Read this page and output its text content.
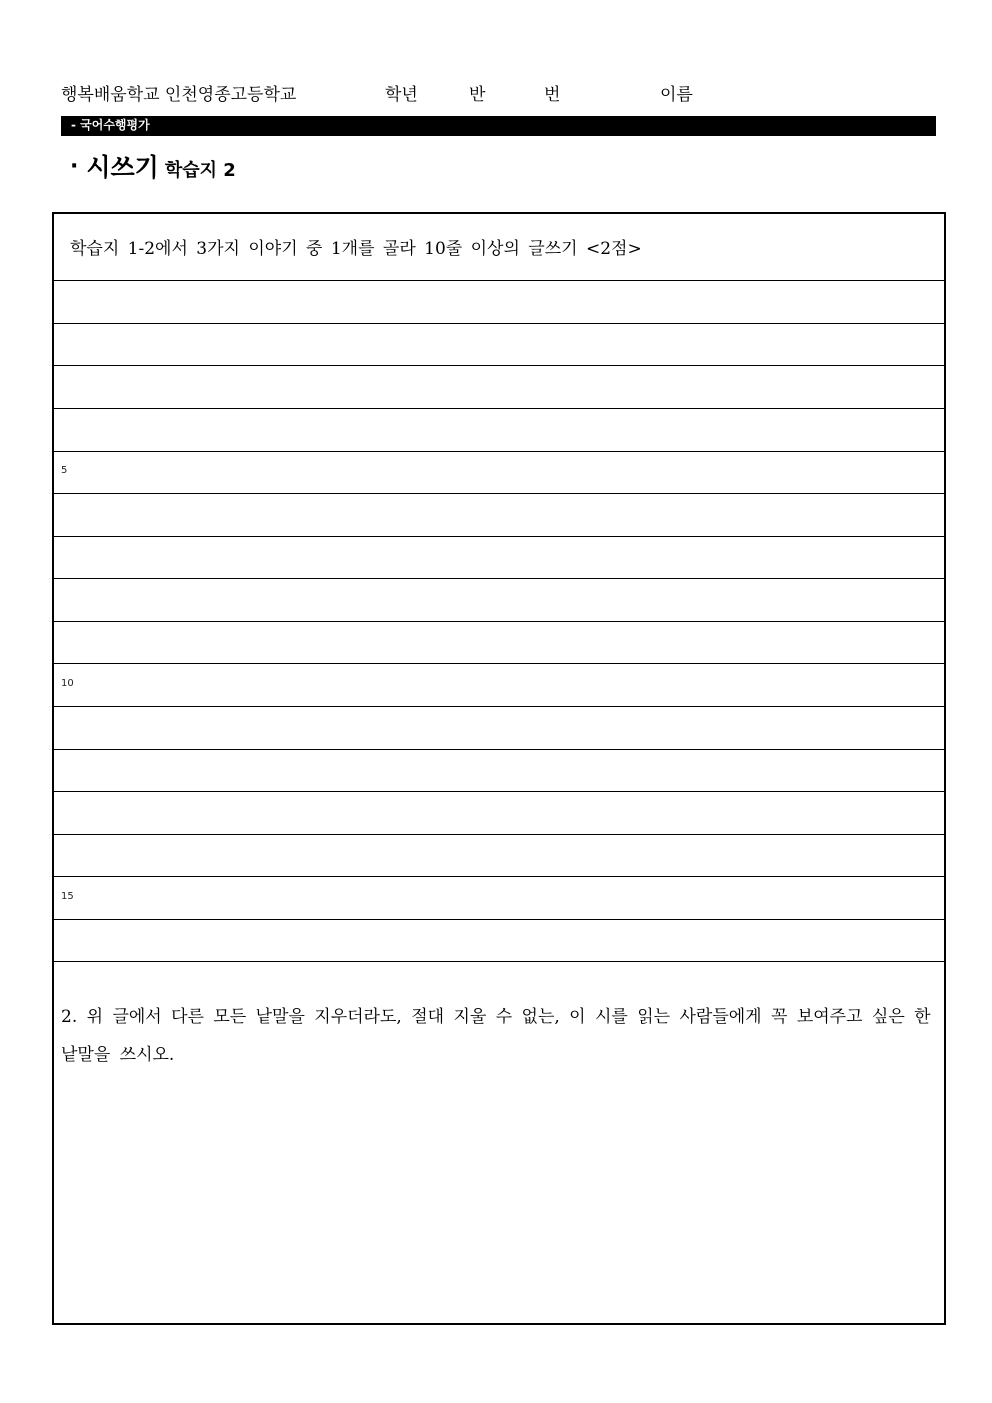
행복배움학교 인천영종고등학교	학년	반	번	이름
- 국어수행평가
· 시쓰기 학습지 2
학습지 1-2에서 3가지 이야기 중 1개를 골라 10줄 이상의 글쓰기 <2점>
5
10
15
2. 위 글에서 다른 모든 낱말을 지우더라도, 절대 지울 수 없는, 이 시를 읽는 사람들에게 꼭 보여주고 싶은 한 낱말을 쓰시오.
